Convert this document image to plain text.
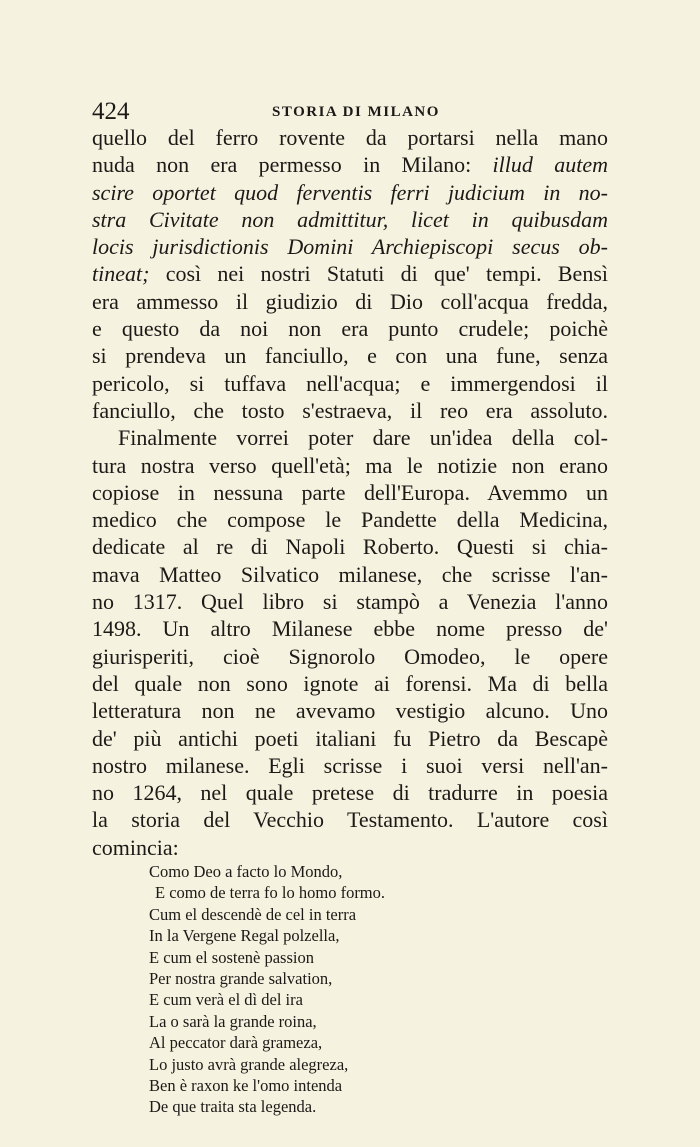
424	STORIA DI MILANO
quello del ferro rovente da portarsi nella mano
nuda non era permesso in Milano: illud autem
scire oportet quod ferventis ferri judicium in no-
stra Civitate non admittitur, licet in quibusdam
locis jurisdictionis Domini Archiepiscopi secus ob-
tineat; così nei nostri Statuti di que' tempi. Bensì
era ammesso il giudizio di Dio coll'acqua fredda,
e questo da noi non era punto crudele; poichè
si prendeva un fanciullo, e con una fune, senza
pericolo, si tuffava nell'acqua; e immergendosi il
fanciullo, che tosto s'estraeva, il reo era assoluto.
Finalmente vorrei poter dare un'idea della col-
tura nostra verso quell'età; ma le notizie non erano
copiose in nessuna parte dell'Europa. Avemmo un
medico che compose le Pandette della Medicina,
dedicate al re di Napoli Roberto. Questi si chia-
mava Matteo Silvatico milanese, che scrisse l'an-
no 1317. Quel libro si stampò a Venezia l'anno
1498. Un altro Milanese ebbe nome presso de'
giurisperiti, cioè Signorolo Omodeo, le opere
del quale non sono ignote ai forensi. Ma di bella
letteratura non ne avevamo vestigio alcuno. Uno
de' più antichi poeti italiani fu Pietro da Bescapè
nostro milanese. Egli scrisse i suoi versi nell'an-
no 1264, nel quale pretese di tradurre in poesia
la storia del Vecchio Testamento. L'autore così
comincia:
Como Deo a facto lo Mondo,
E como de terra fo lo homo formo.
Cum el descendè de cel in terra
In la Vergene Regal polzella,
E cum el sostenè passion
Per nostra grande salvation,
E cum verà el dì del ira
La o sarà la grande roina,
Al peccator darà grameza,
Lo justo avrà grande alegreza,
Ben è raxon ke l'omo intenda
De que traita sta legenda.
